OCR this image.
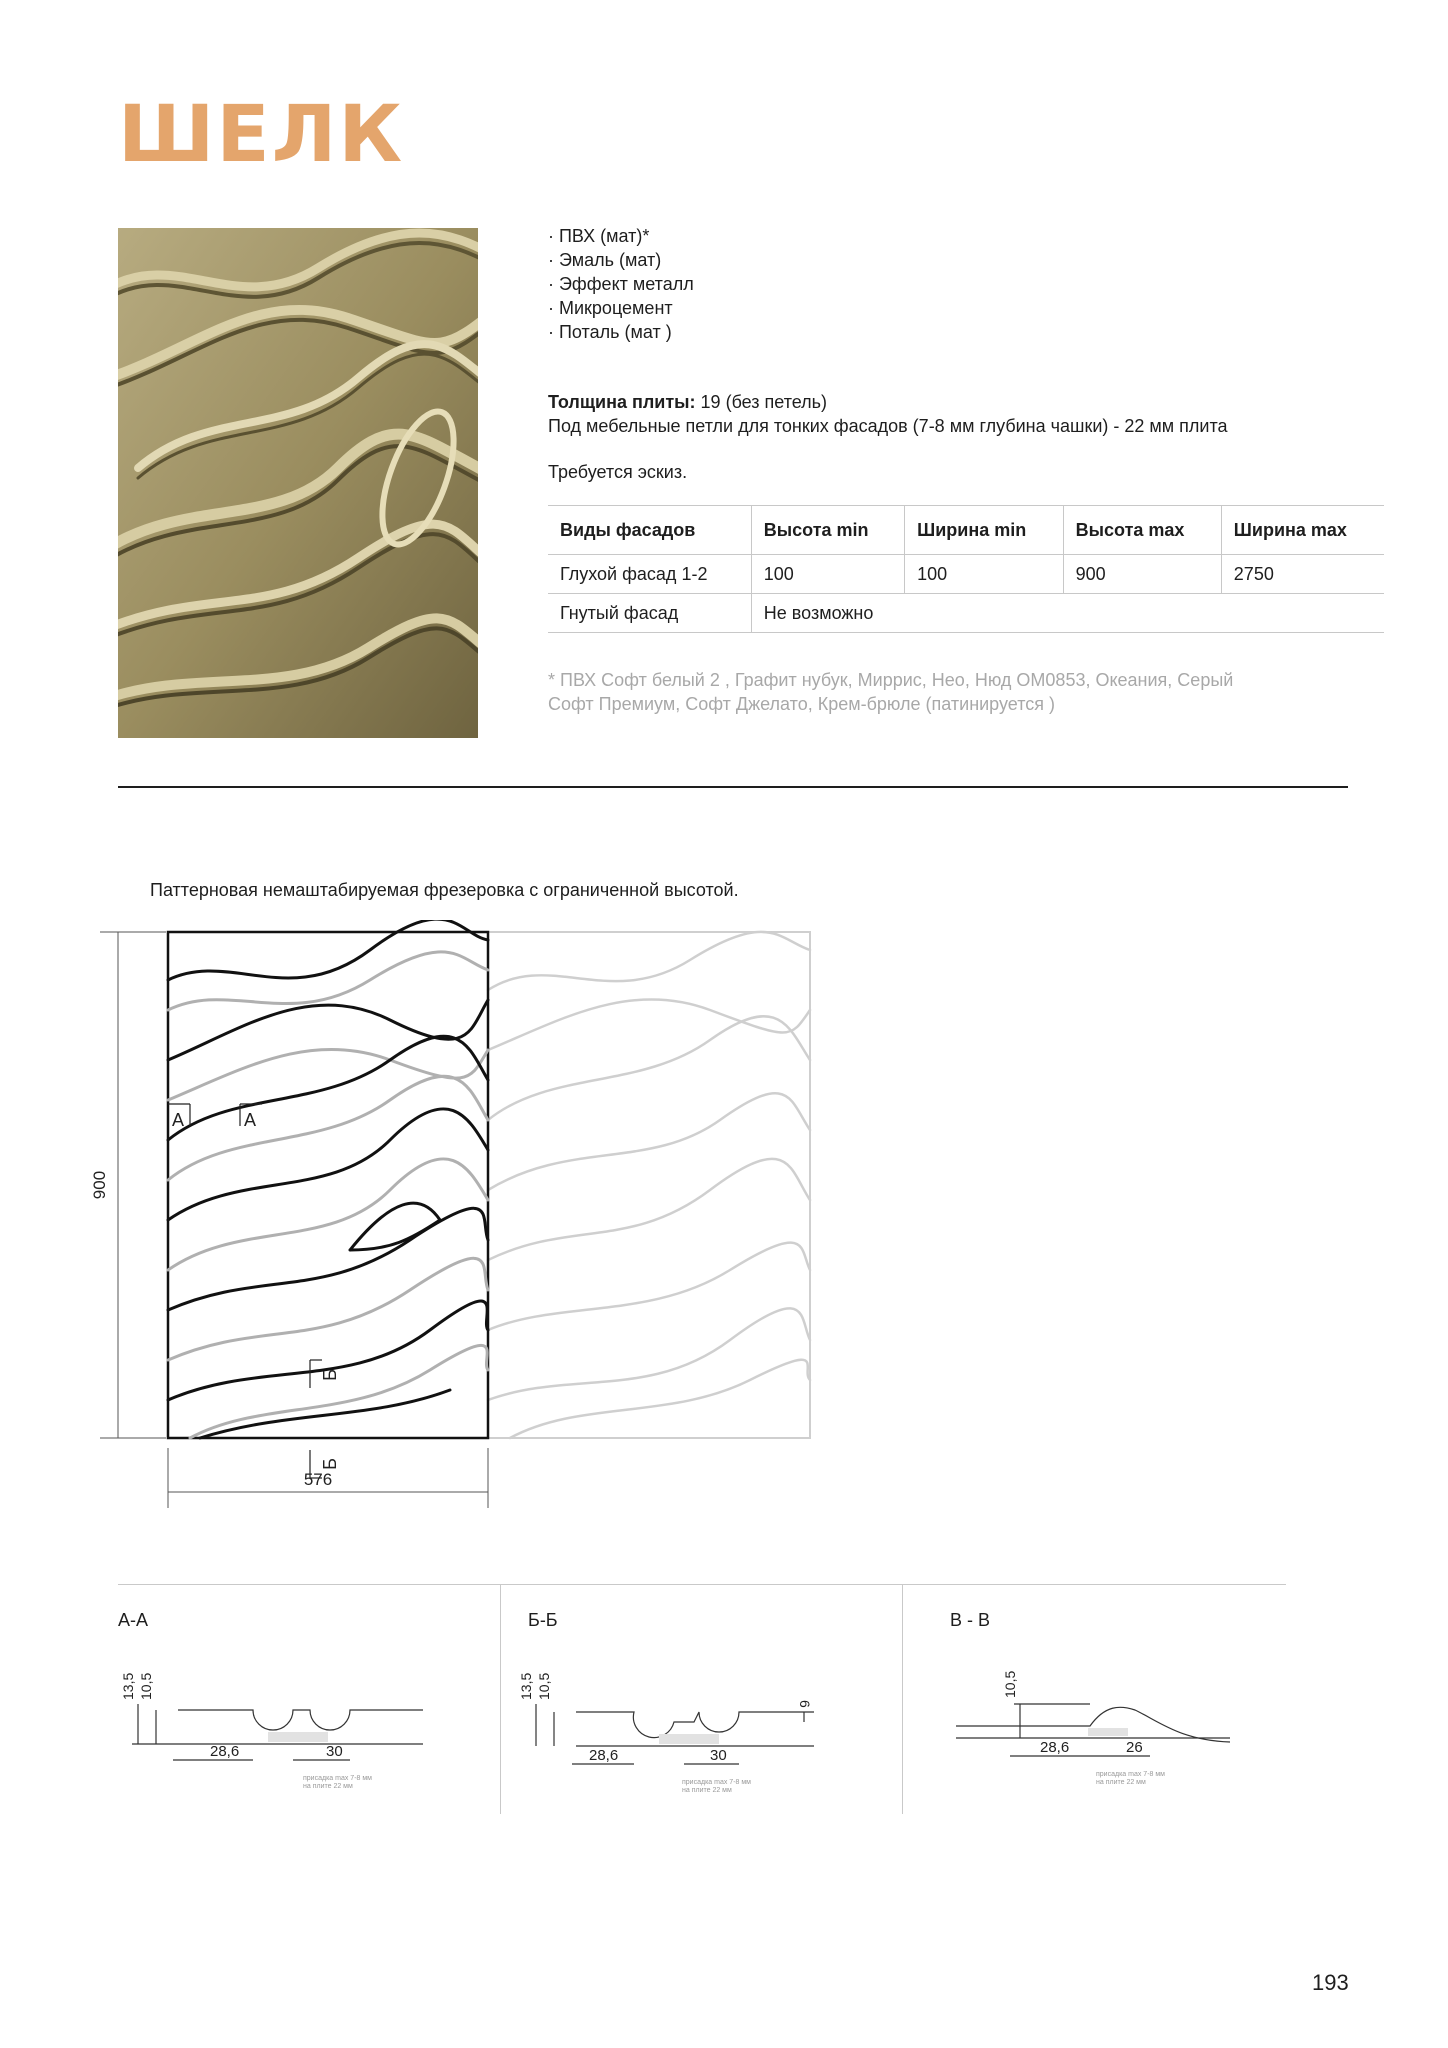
ШЕЛК
· ПВХ (мат)*
· Эмаль (мат)
· Эффект металл
· Микроцемент
· Поталь (мат )
Толщина плиты: 19 (без петель)
Под мебельные петли для тонких фасадов (7-8 мм глубина чашки) - 22 мм плита
Требуется эскиз.
Виды фасадов	Высота min	Ширина min	Высота max	Ширина max
Глухой фасад 1-2	100	100	900	2750
Гнутый фасад	Не возможно			
* ПВХ Софт белый 2 , Графит нубук, Миррис, Нео, Нюд ОМ0853, Океания, Серый
Софт Премиум, Софт Джелато, Крем-брюле (патинируется )
Паттерновая немаштабируемая фрезеровка с ограниченной высотой.
900
576
А	А
Б
Б
А-А	Б-Б	В - В
13,5 10,5
28,6	30
присадка max 7-8 мм
на плите 22 мм
13,5 10,5
28,6	30
6
присадка max 7-8 мм
на плите 22 мм
10,5
28,6	26
присадка max 7-8 мм
на плите 22 мм
193
